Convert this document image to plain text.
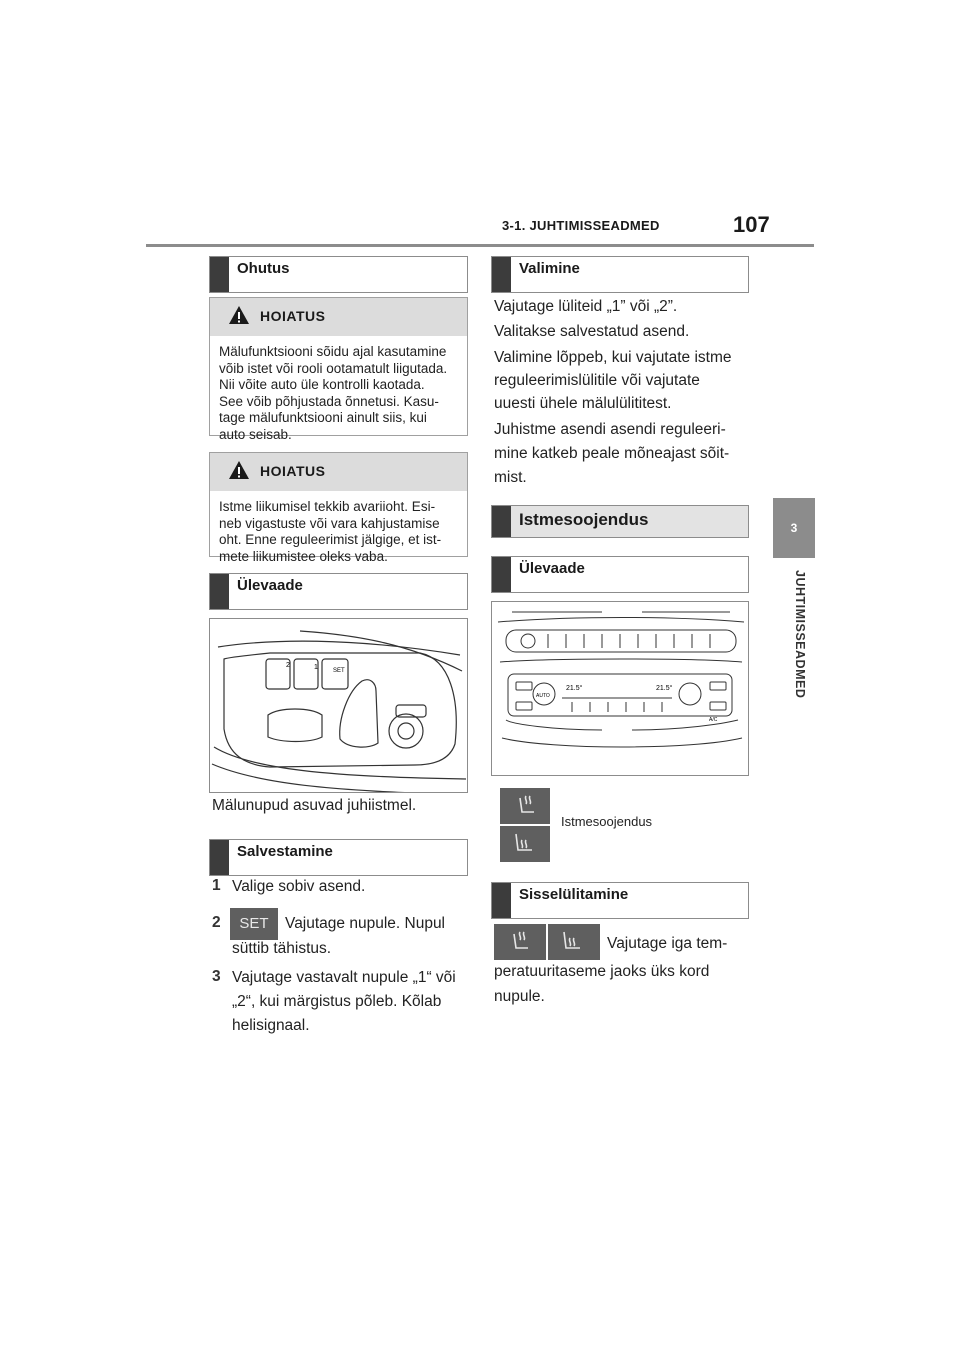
3-1. JUHTIMISSEADMED	107
3
JUHTIMISSEADMED
Ohutus
HOIATUS
Mälufunktsiooni sõidu ajal kasutamine
võib istet või rooli ootamatult liigutada.
Nii võite auto üle kontrolli kaotada.
See võib põhjustada õnnetusi. Kasu-
tage mälufunktsiooni ainult siis, kui
auto seisab.
HOIATUS
Istme liikumisel tekkib avariioht. Esi-
neb vigastuste või vara kahjustamise
oht. Enne reguleerimist jälgige, et ist-
mete liikumistee oleks vaba.
Ülevaade
2	1	SET
Mälunupud asuvad juhiistmel.
Salvestamine
1 Valige sobiv asend.
2	SET	Vajutage nupule. Nupul
süttib tähistus.
3 Vajutage vastavalt nupule „1“ või
„2“, kui märgistus põleb. Kõlab
helisignaal.
Valimine
Vajutage lüliteid „1” või „2”.
Valitakse salvestatud asend.
Valimine lõppeb, kui vajutate istme
reguleerimislülitile või vajutate
uuesti ühele mälulülititest.
Juhistme asendi asendi reguleeri-
mine katkeb peale mõneajast sõit-
mist.
Istmesoojendus
Ülevaade
21.5°	21.5°
AUTO
A/C
Istmesoojendus
Sisselülitamine
Vajutage iga tem-
peratuuritaseme jaoks üks kord
nupule.
